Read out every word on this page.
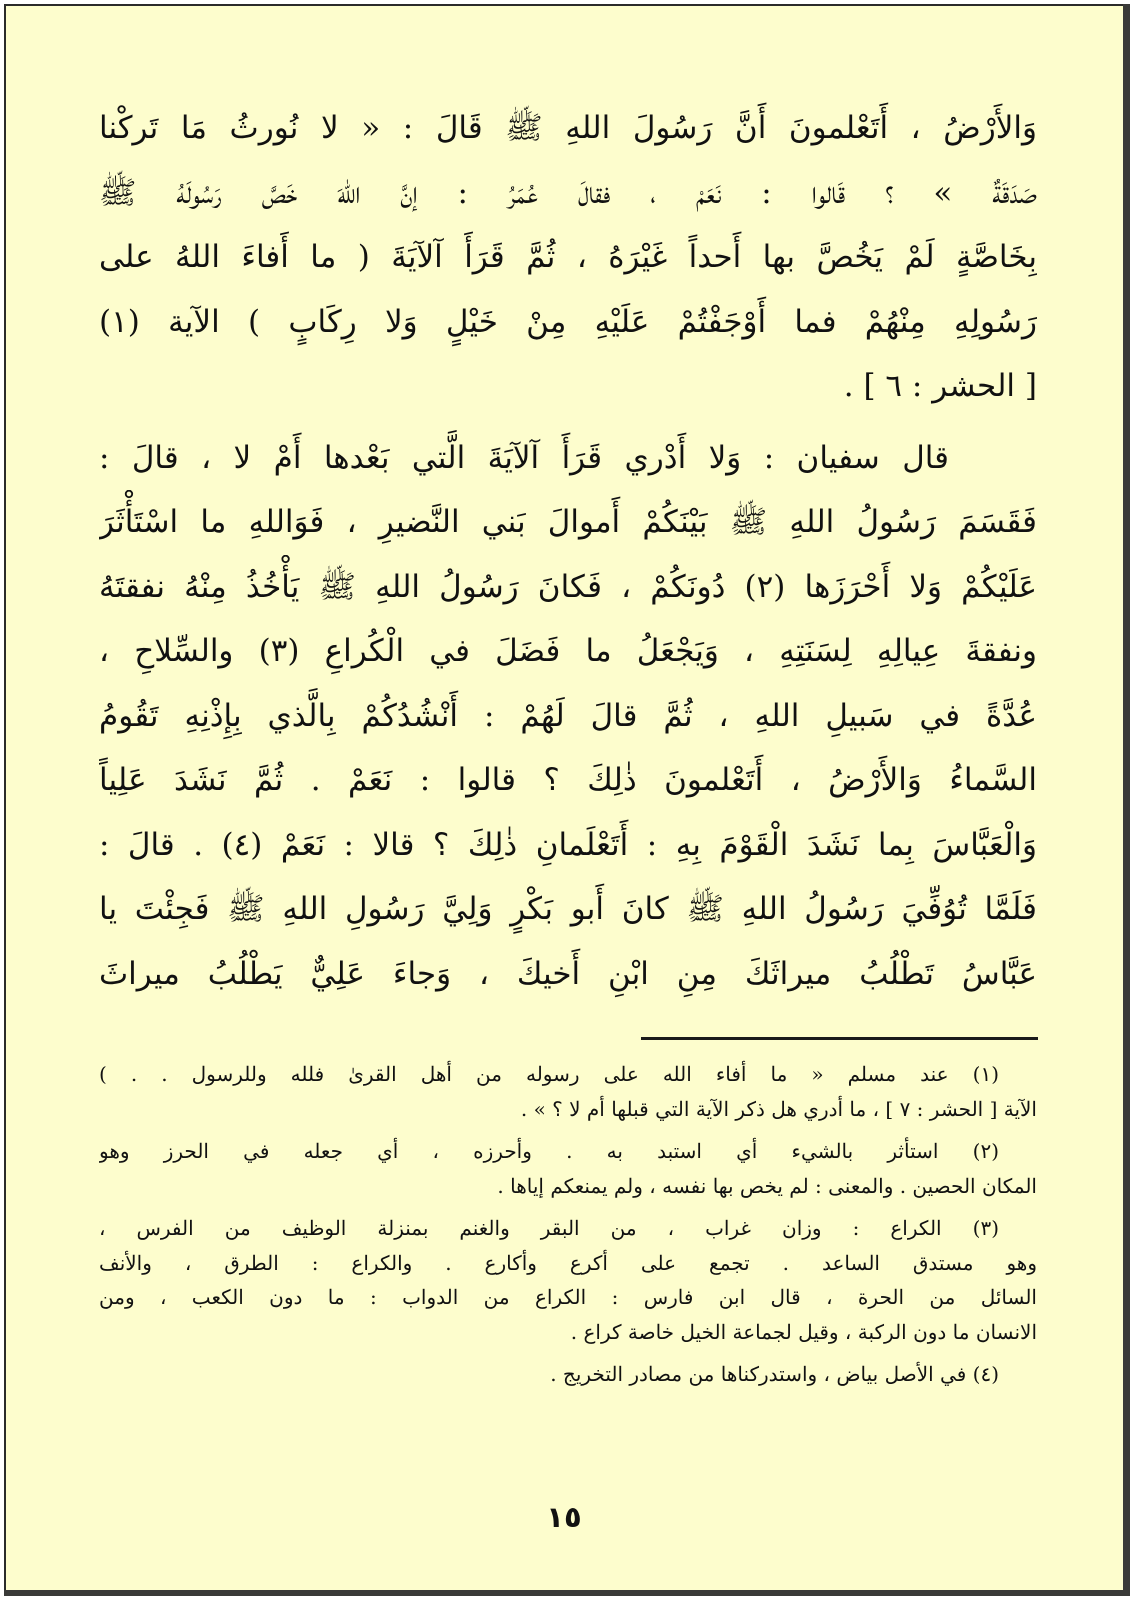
وَالأَرْضُ ، أَتَعْلمونَ أَنَّ رَسُولَ اللهِ ﷺ قَالَ : « لا نُورثُ مَا تَركْنا

صَدَقَةٌ » ؟ قَالوا : نَعَمْ ، فقالَ عُمَرُ : إنَّ اللهَ خَصَّ رَسُولَهُ ﷺ

بِخَاصَّةٍ لَمْ يَخُصَّ بها أَحداً غَيْرَهُ ، ثُمَّ قَرَأَ آلآيَةَ ( ما أَفاءَ اللهُ على

رَسُولِهِ مِنْهُمْ فما أَوْجَفْتُمْ عَلَيْهِ مِنْ خَيْلٍ وَلا رِكَابٍ ) الآية (١)

[ الحشر : ٦ ] .

قال سفيان : وَلا أَدْري قَرَأَ آلآيَةَ الَّتي بَعْدها أَمْ لا ، قالَ :

فَقَسَمَ رَسُولُ اللهِ ﷺ بَيْنَكُمْ أَموالَ بَني النَّضيرِ ، فَوَاللهِ ما اسْتَأْثَرَ

عَلَيْكُمْ وَلا أَحْرَزَها (٢) دُونَكُمْ ، فَكانَ رَسُولُ اللهِ ﷺ يَأْخُذُ مِنْهُ نفقتَهُ

ونفقةَ عِيالِهِ لِسَنَتِهِ ، وَيَجْعَلُ ما فَضَلَ في الْكُراعِ (٣) والسِّلاحِ ،

عُدَّةً في سَبيلِ اللهِ ، ثُمَّ قالَ لَهُمْ : أَنْشُدُكُمْ بِالَّذي بِإِذْنِهِ تَقُومُ

السَّماءُ وَالأَرْضُ ، أَتَعْلمونَ ذٰلِكَ ؟ قالوا : نَعَمْ . ثُمَّ نَشَدَ عَلِياً

وَالْعَبَّاسَ بِما نَشَدَ الْقَوْمَ بِهِ : أَتَعْلَمانِ ذٰلِكَ ؟ قالا : نَعَمْ (٤) . قالَ :

فَلَمَّا تُوُفِّيَ رَسُولُ اللهِ ﷺ كانَ أَبو بَكْرٍ وَلِيَّ رَسُولِ اللهِ ﷺ فَجِئْتَ يا

عَبَّاسُ تَطْلُبُ ميراثَكَ مِنِ ابْنِ أَخيكَ ، وَجاءَ عَلِيٌّ يَطْلُبُ ميراثَ

(١) عند مسلم « ما أفاء الله على رسوله من أهل القرىٰ فلله وللرسول . . )

الآية [ الحشر : ٧ ] ، ما أدري هل ذكر الآية التي قبلها أم لا ؟ » .

(٢) استأثر بالشيء أي استبد به . وأحرزه ، أي جعله في الحرز وهو

المكان الحصين . والمعنى : لم يخص بها نفسه ، ولم يمنعكم إياها .

(٣) الكراع : وزان غراب ، من البقر والغنم بمنزلة الوظيف من الفرس ،

وهو مستدق الساعد . تجمع على أكرع وأكارع . والكراع : الطرق ، والأنف

السائل من الحرة ، قال ابن فارس : الكراع من الدواب : ما دون الكعب ، ومن

الانسان ما دون الركبة ، وقيل لجماعة الخيل خاصة كراع .

(٤) في الأصل بياض ، واستدركناها من مصادر التخريج .

١٥
